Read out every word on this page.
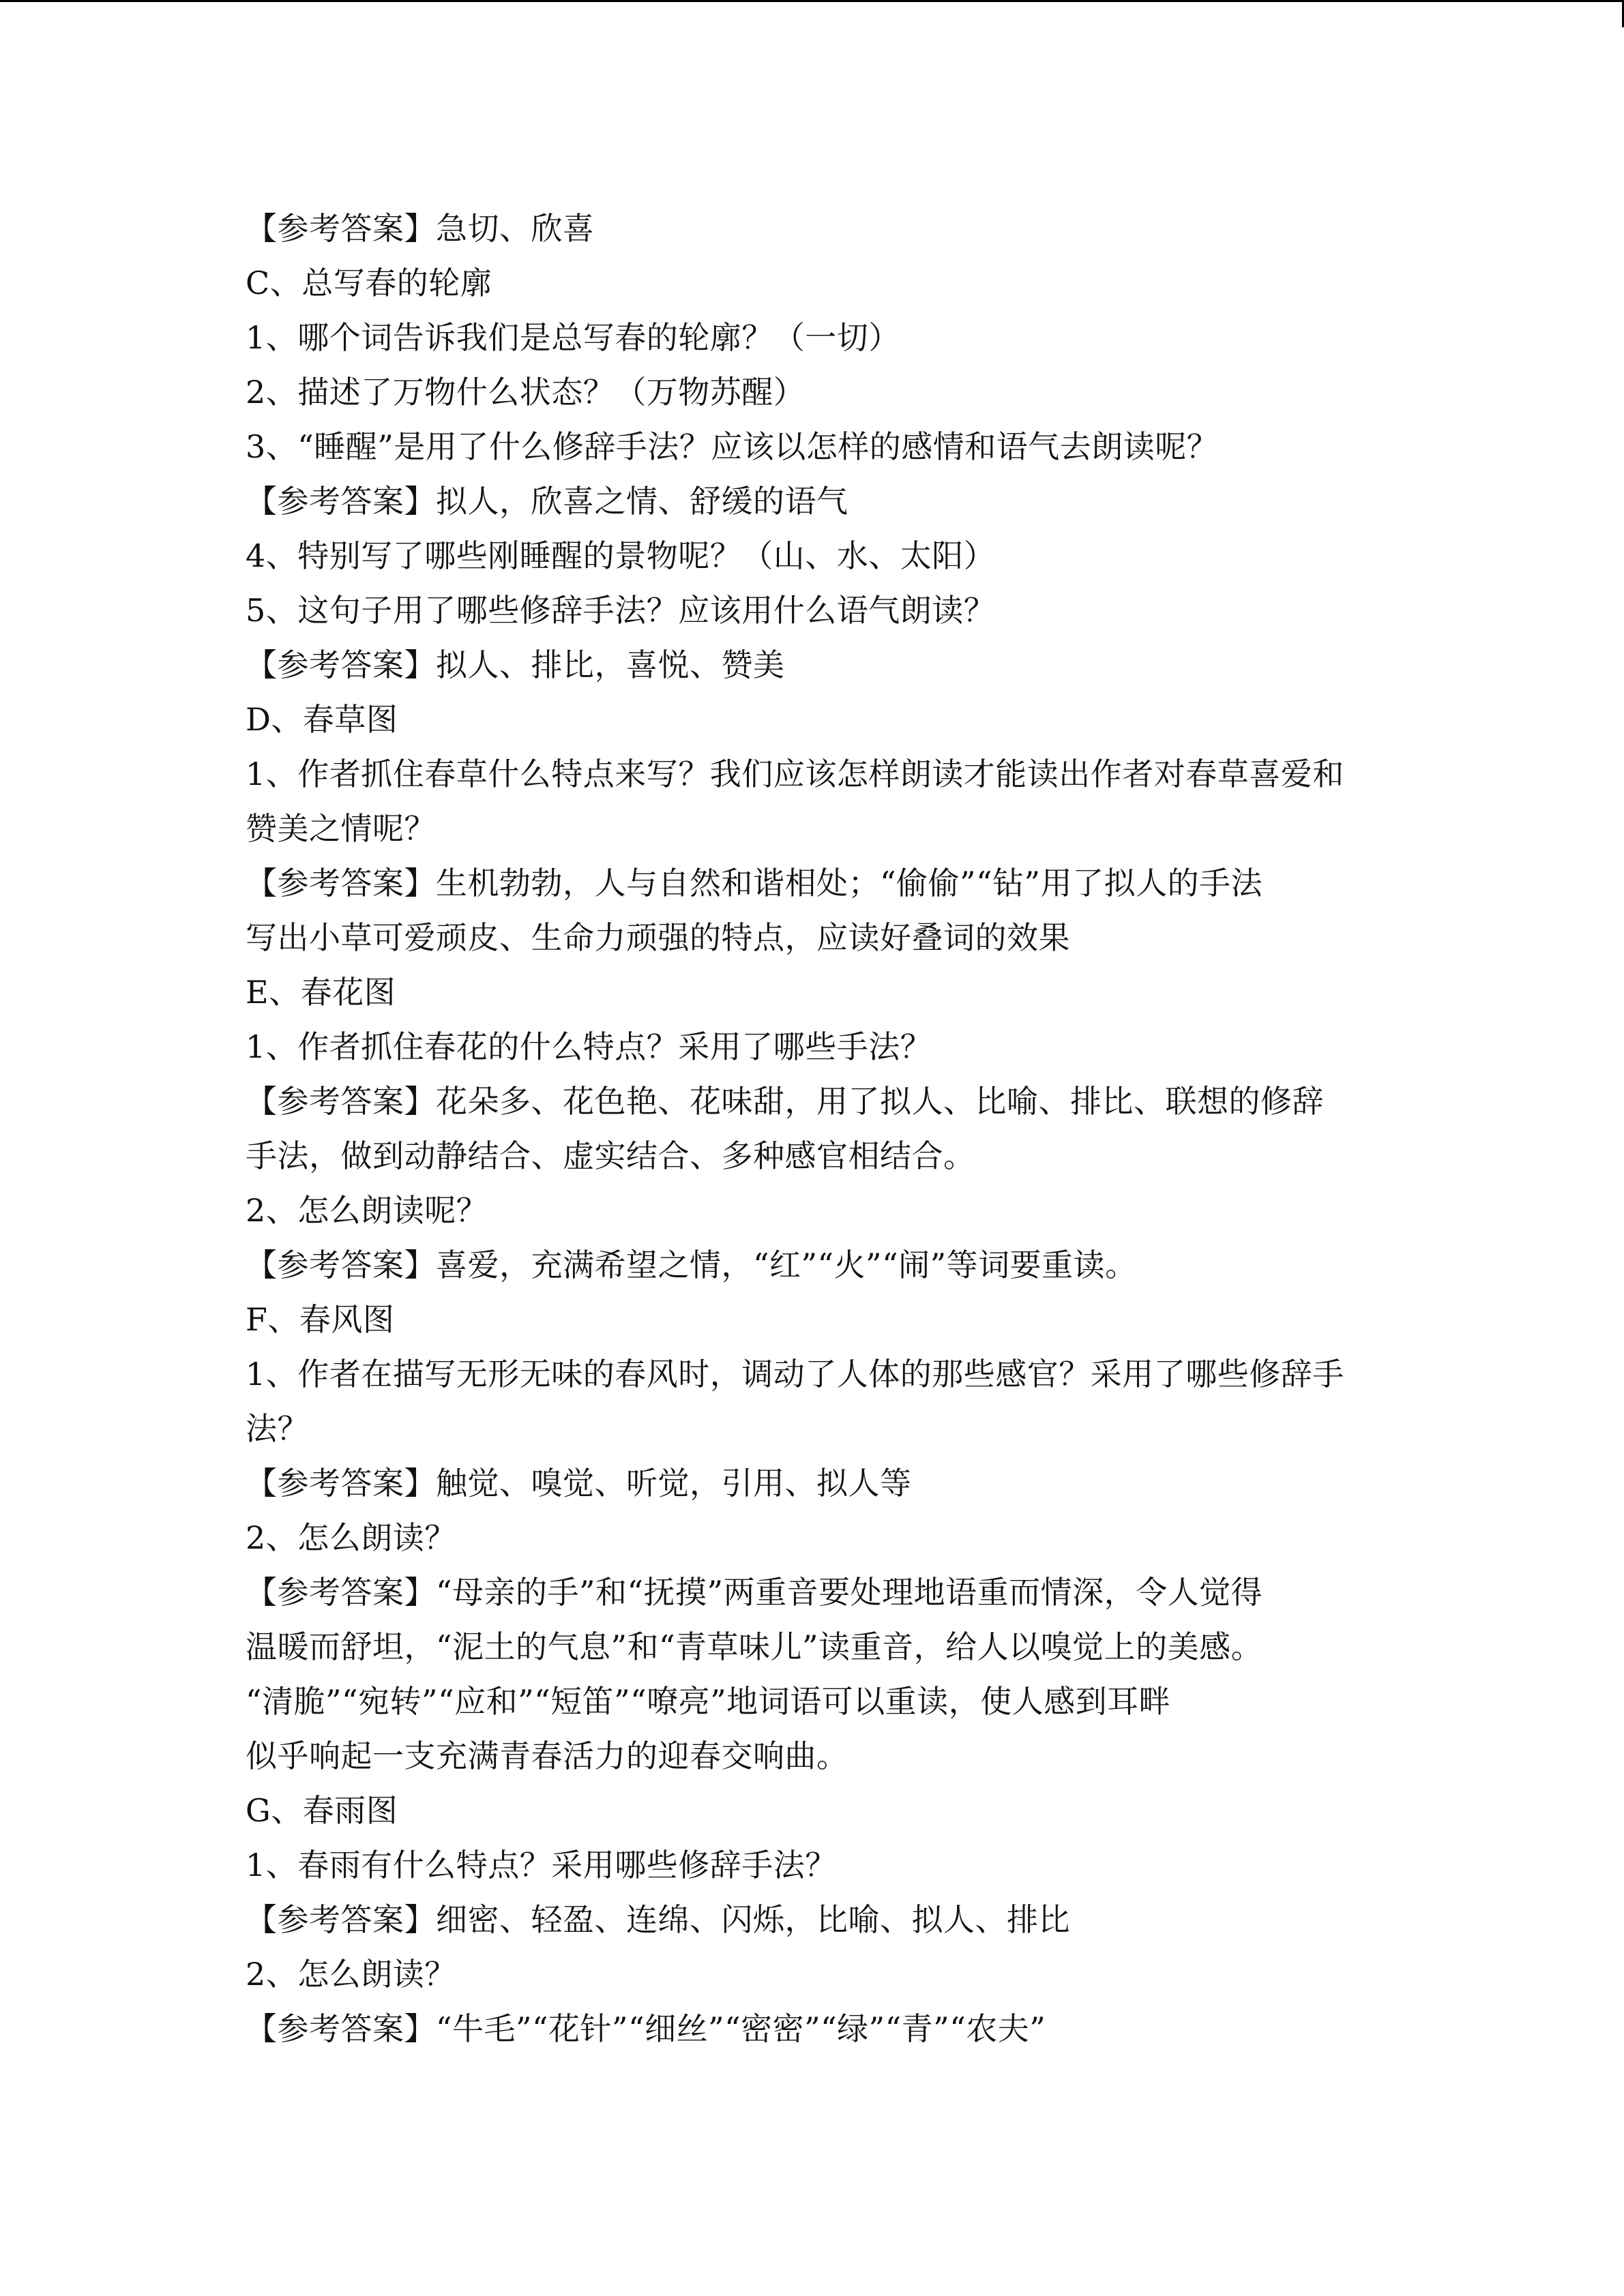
【参考答案】急切、欣喜
C、总写春的轮廓
1、哪个词告诉我们是总写春的轮廓？（一切）
2、描述了万物什么状态？（万物苏醒）
3、“睡醒”是用了什么修辞手法？应该以怎样的感情和语气去朗读呢？
【参考答案】拟人，欣喜之情、舒缓的语气
4、特别写了哪些刚睡醒的景物呢？（山、水、太阳）
5、这句子用了哪些修辞手法？应该用什么语气朗读？
【参考答案】拟人、排比，喜悦、赞美
D、春草图
1、作者抓住春草什么特点来写？我们应该怎样朗读才能读出作者对春草喜爱和
赞美之情呢？
【参考答案】生机勃勃，人与自然和谐相处；“偷偷”“钻”用了拟人的手法
写出小草可爱顽皮、生命力顽强的特点，应读好叠词的效果
E、春花图
1、作者抓住春花的什么特点？采用了哪些手法？
【参考答案】花朵多、花色艳、花味甜，用了拟人、比喻、排比、联想的修辞
手法，做到动静结合、虚实结合、多种感官相结合。
2、怎么朗读呢？
【参考答案】喜爱，充满希望之情，“红”“火”“闹”等词要重读。
F、春风图
1、作者在描写无形无味的春风时，调动了人体的那些感官？采用了哪些修辞手
法？
【参考答案】触觉、嗅觉、听觉，引用、拟人等
2、怎么朗读？
【参考答案】“母亲的手”和“抚摸”两重音要处理地语重而情深，令人觉得
温暖而舒坦，“泥土的气息”和“青草味儿”读重音，给人以嗅觉上的美感。
“清脆”“宛转”“应和”“短笛”“嘹亮”地词语可以重读，使人感到耳畔
似乎响起一支充满青春活力的迎春交响曲。
G、春雨图
1、春雨有什么特点？采用哪些修辞手法？
【参考答案】细密、轻盈、连绵、闪烁，比喻、拟人、排比
2、怎么朗读？
【参考答案】“牛毛”“花针”“细丝”“密密”“绿”“青”“农夫”
